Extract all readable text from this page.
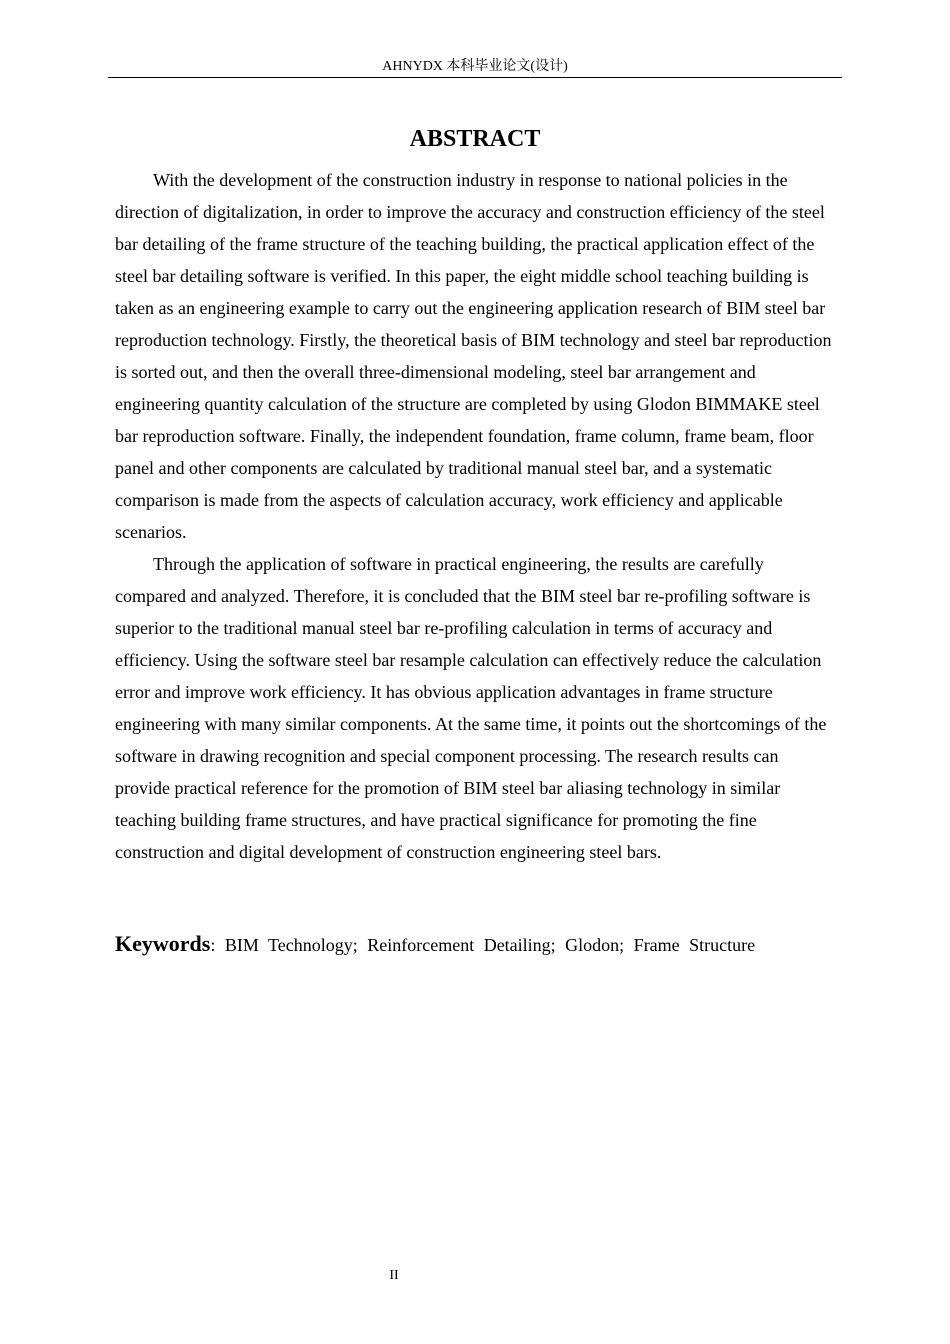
AHNYDX 本科毕业论文(设计)
ABSTRACT

With the development of the construction industry in response to national policies in the direction of digitalization, in order to improve the accuracy and construction efficiency of the steel bar detailing of the frame structure of the teaching building, the practical application effect of the steel bar detailing software is verified. In this paper, the eight middle school teaching building is taken as an engineering example to carry out the engineering application research of BIM steel bar reproduction technology. Firstly, the theoretical basis of BIM technology and steel bar reproduction is sorted out, and then the overall three-dimensional modeling, steel bar arrangement and engineering quantity calculation of the structure are completed by using Glodon BIMMAKE steel bar reproduction software. Finally, the independent foundation, frame column, frame beam, floor panel and other components are calculated by traditional manual steel bar, and a systematic comparison is made from the aspects of calculation accuracy, work efficiency and applicable scenarios.

Through the application of software in practical engineering, the results are carefully compared and analyzed. Therefore, it is concluded that the BIM steel bar re-profiling software is superior to the traditional manual steel bar re-profiling calculation in terms of accuracy and efficiency. Using the software steel bar resample calculation can effectively reduce the calculation error and improve work efficiency. It has obvious application advantages in frame structure engineering with many similar components. At the same time, it points out the shortcomings of the software in drawing recognition and special component processing. The research results can provide practical reference for the promotion of BIM steel bar aliasing technology in similar teaching building frame structures, and have practical significance for promoting the fine construction and digital development of construction engineering steel bars.

Keywords: BIM Technology; Reinforcement Detailing; Glodon; Frame Structure
II
